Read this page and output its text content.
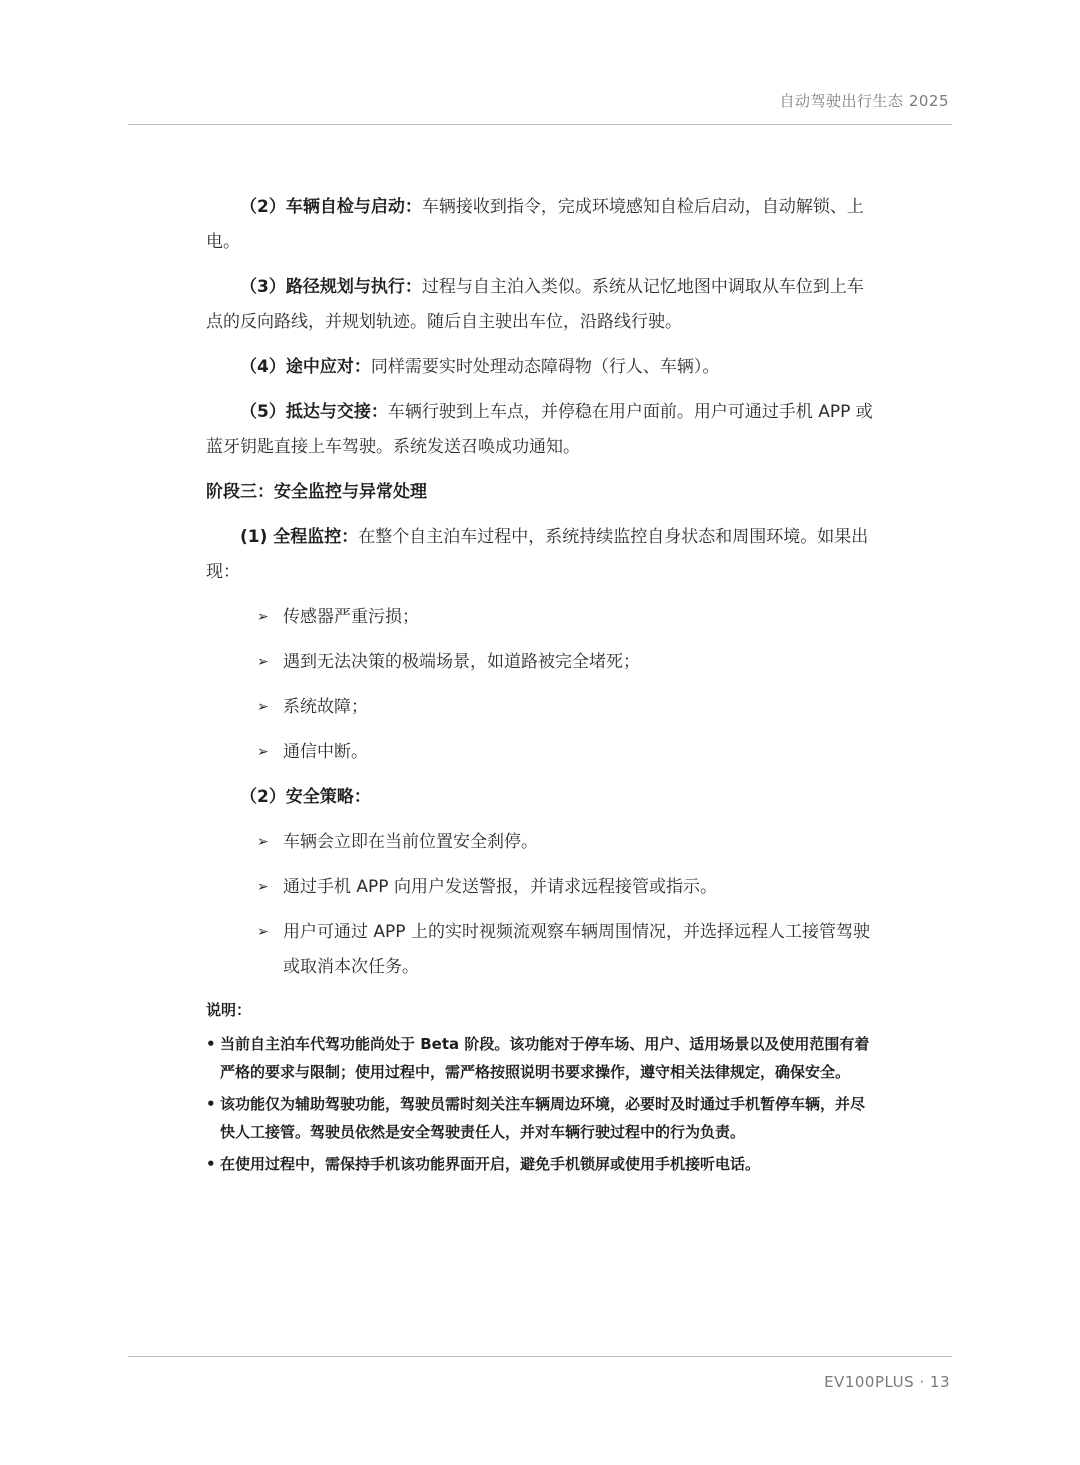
自动驾驶出行生态 2025

（2）车辆自检与启动：车辆接收到指令，完成环境感知自检后启动，自动解锁、上电。

（3）路径规划与执行：过程与自主泊入类似。系统从记忆地图中调取从车位到上车点的反向路线，并规划轨迹。随后自主驶出车位，沿路线行驶。

（4）途中应对：同样需要实时处理动态障碍物（行人、车辆）。

（5）抵达与交接：车辆行驶到上车点，并停稳在用户面前。用户可通过手机 APP 或蓝牙钥匙直接上车驾驶。系统发送召唤成功通知。

阶段三：安全监控与异常处理

(1) 全程监控：在整个自主泊车过程中，系统持续监控自身状态和周围环境。如果出现：

➢ 传感器严重污损；
➢ 遇到无法决策的极端场景，如道路被完全堵死；
➢ 系统故障；
➢ 通信中断。

（2）安全策略：

➢ 车辆会立即在当前位置安全刹停。
➢ 通过手机 APP 向用户发送警报，并请求远程接管或指示。
➢ 用户可通过 APP 上的实时视频流观察车辆周围情况，并选择远程人工接管驾驶或取消本次任务。
说明：
• 当前自主泊车代驾功能尚处于 Beta 阶段。该功能对于停车场、用户、适用场景以及使用范围有着严格的要求与限制；使用过程中，需严格按照说明书要求操作，遵守相关法律规定，确保安全。
• 该功能仅为辅助驾驶功能，驾驶员需时刻关注车辆周边环境，必要时及时通过手机暂停车辆，并尽快人工接管。驾驶员依然是安全驾驶责任人，并对车辆行驶过程中的行为负责。
• 在使用过程中，需保持手机该功能界面开启，避免手机锁屏或使用手机接听电话。
EV100PLUS · 13
